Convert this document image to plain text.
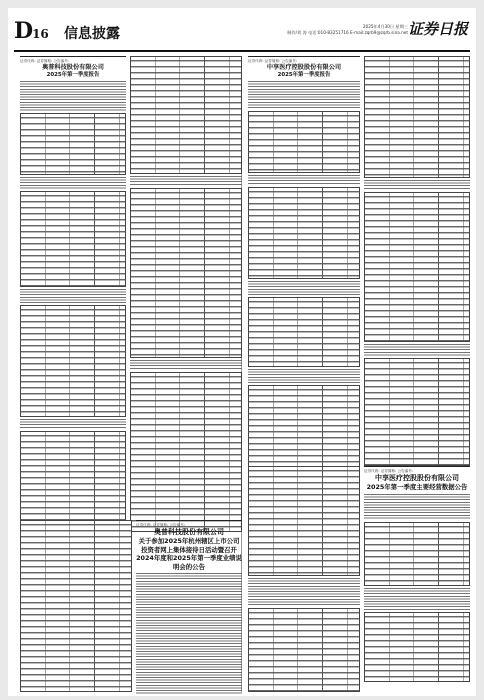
D16 信息披露	2025年4月30日 星期三
制作/刘 涛 电话:010-83251716 E-mail:zqrb9@zqrb.sina.net 证券日报
证券代码: 证券简称: 公告编号:
奥普科技股份有限公司
2025年第一季度报告
证券代码: 证券简称: 公告编号:
奥普科技股份有限公司
关于参加2025年杭州辖区上市公司投资者网上集体接待日活动暨召开2024年度和2025年第一季度业绩说明会的公告
证券代码: 证券简称: 公告编号:
中享医疗控股股份有限公司
2025年第一季度报告
证券代码: 证券简称: 公告编号:
中享医疗控股股份有限公司
2025年第一季度主要经营数据公告
